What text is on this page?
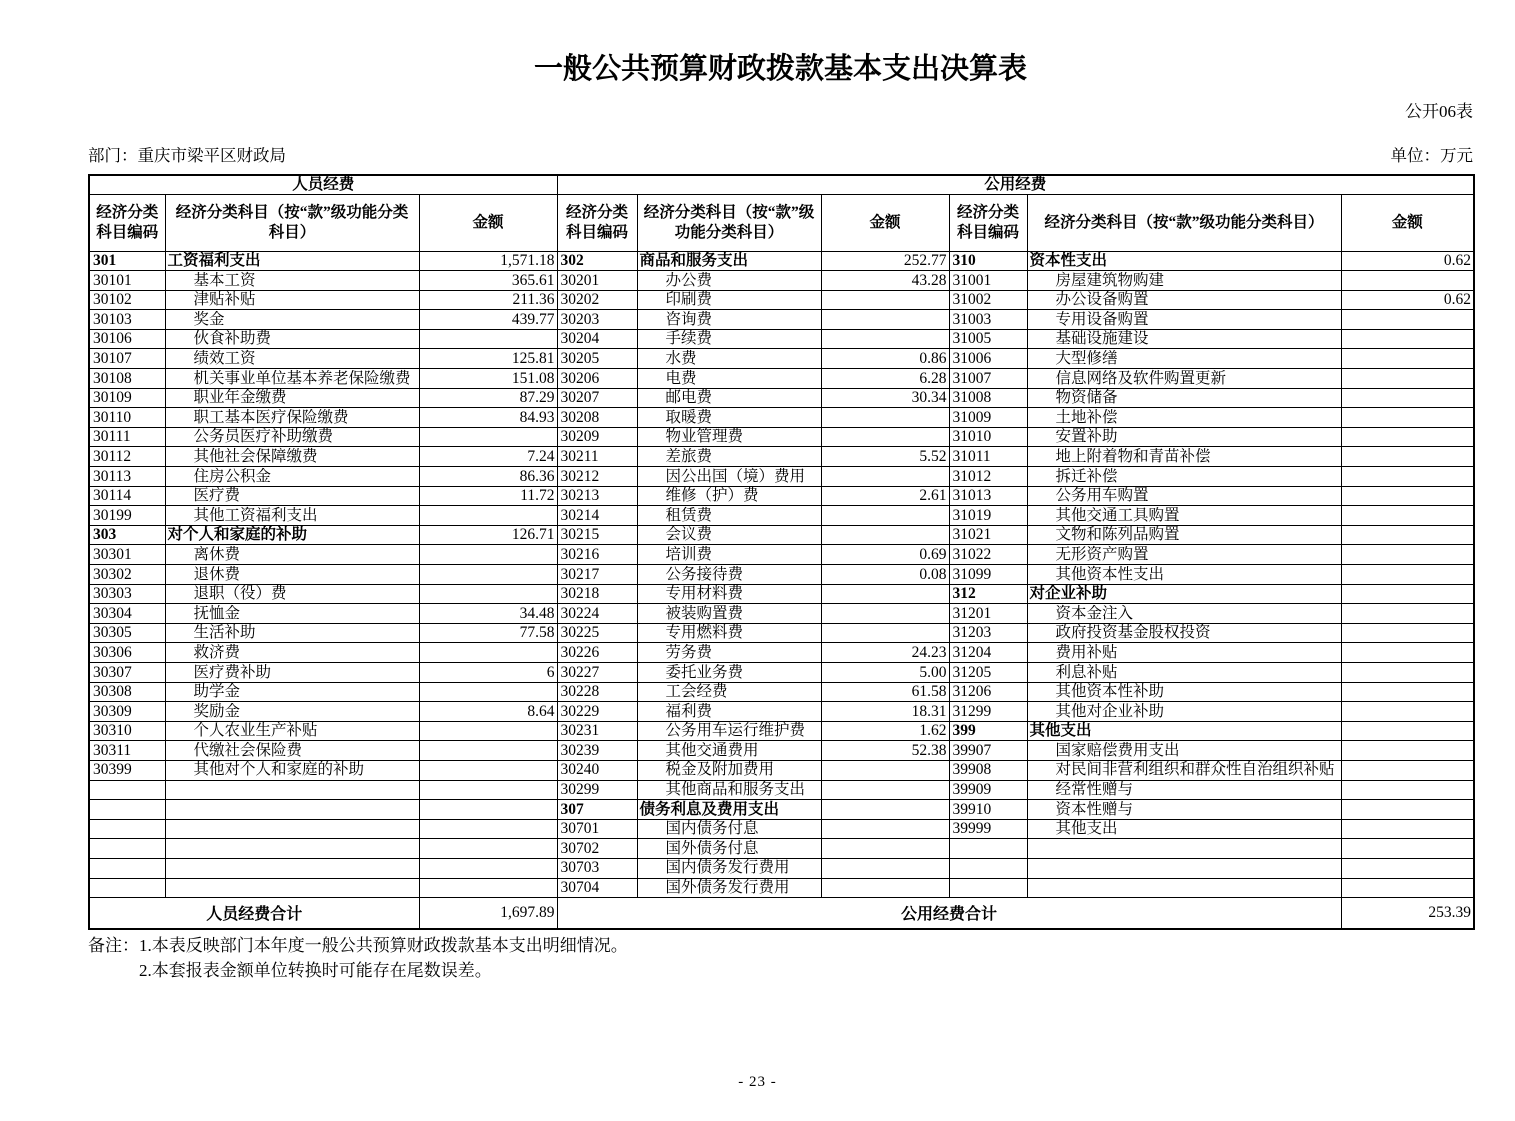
一般公共预算财政拨款基本支出决算表
公开06表
部门：重庆市梁平区财政局	单位：万元
人员经费			公用经费					
经济分类科目编码	经济分类科目（按“款”级功能分类科目）	金额	经济分类科目编码	经济分类科目（按“款”级功能分类科目）	金额	经济分类科目编码	经济分类科目（按“款”级功能分类科目）	金额
301	工资福利支出	1,571.18	302	商品和服务支出	252.77	310	资本性支出	0.62
30101	基本工资	365.61	30201	办公费	43.28	31001	房屋建筑物购建	
30102	津贴补贴	211.36	30202	印刷费		31002	办公设备购置	0.62
30103	奖金	439.77	30203	咨询费		31003	专用设备购置	
30106	伙食补助费		30204	手续费		31005	基础设施建设	
30107	绩效工资	125.81	30205	水费	0.86	31006	大型修缮	
30108	机关事业单位基本养老保险缴费	151.08	30206	电费	6.28	31007	信息网络及软件购置更新	
30109	职业年金缴费	87.29	30207	邮电费	30.34	31008	物资储备	
30110	职工基本医疗保险缴费	84.93	30208	取暖费		31009	土地补偿	
30111	公务员医疗补助缴费		30209	物业管理费		31010	安置补助	
30112	其他社会保障缴费	7.24	30211	差旅费	5.52	31011	地上附着物和青苗补偿	
30113	住房公积金	86.36	30212	因公出国（境）费用		31012	拆迁补偿	
30114	医疗费	11.72	30213	维修（护）费	2.61	31013	公务用车购置	
30199	其他工资福利支出		30214	租赁费		31019	其他交通工具购置	
303	对个人和家庭的补助	126.71	30215	会议费		31021	文物和陈列品购置	
30301	离休费		30216	培训费	0.69	31022	无形资产购置	
30302	退休费		30217	公务接待费	0.08	31099	其他资本性支出	
30303	退职（役）费		30218	专用材料费		312	对企业补助	
30304	抚恤金	34.48	30224	被装购置费		31201	资本金注入	
30305	生活补助	77.58	30225	专用燃料费		31203	政府投资基金股权投资	
30306	救济费		30226	劳务费	24.23	31204	费用补贴	
30307	医疗费补助	6	30227	委托业务费	5.00	31205	利息补贴	
30308	助学金		30228	工会经费	61.58	31206	其他资本性补助	
30309	奖励金	8.64	30229	福利费	18.31	31299	其他对企业补助	
30310	个人农业生产补贴		30231	公务用车运行维护费	1.62	399	其他支出	
30311	代缴社会保险费		30239	其他交通费用	52.38	39907	国家赔偿费用支出	
30399	其他对个人和家庭的补助		30240	税金及附加费用		39908	对民间非营利组织和群众性自治组织补贴	
			30299	其他商品和服务支出		39909	经常性赠与	
			307	债务利息及费用支出		39910	资本性赠与	
			30701	国内债务付息		39999	其他支出	
			30702	国外债务付息				
			30703	国内债务发行费用				
			30704	国外债务发行费用				
人员经费合计		1,697.89	公用经费合计					253.39
备注： 1.本表反映部门本年度一般公共预算财政拨款基本支出明细情况。
2.本套报表金额单位转换时可能存在尾数误差。
- 23 -
